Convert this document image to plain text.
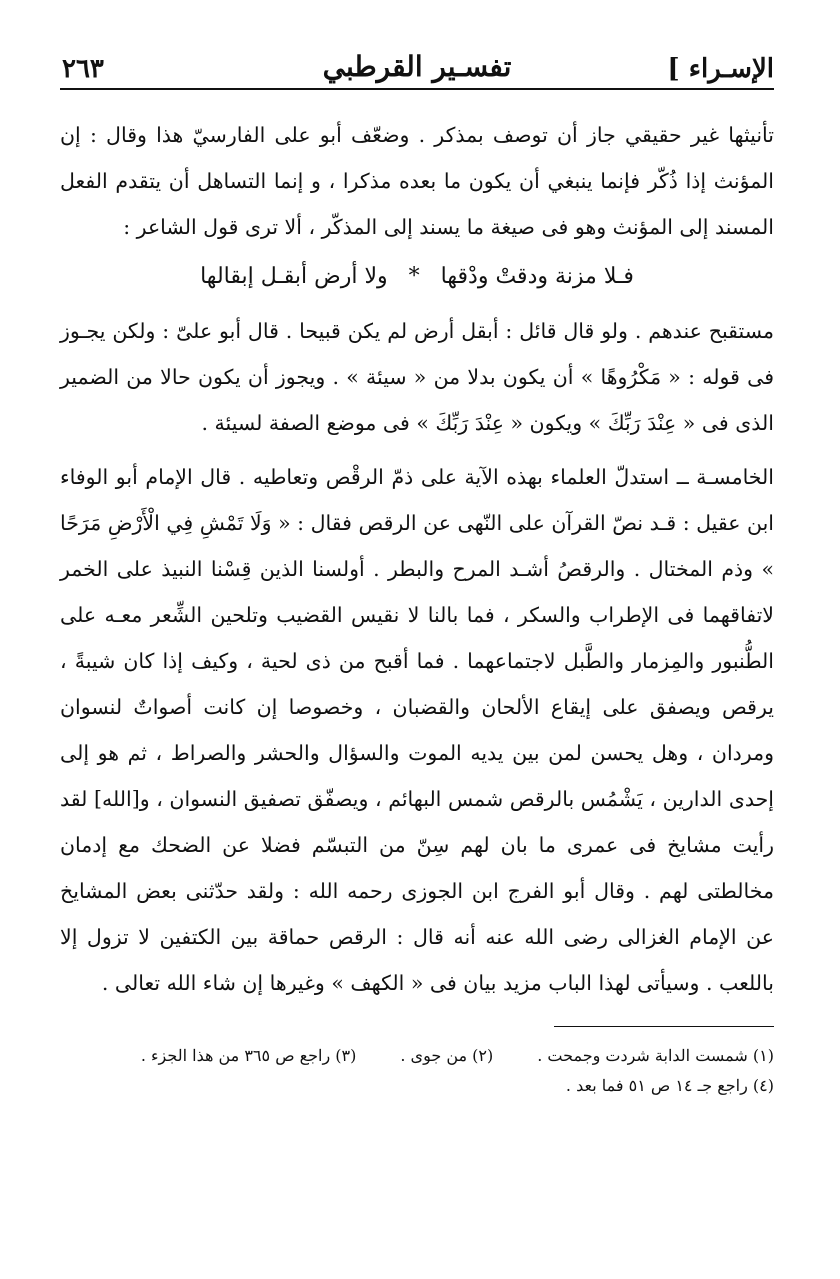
الإسـراء ]
تفسـير القرطبي
٢٦٣

تأنيثها غير حقيقي جاز أن توصف بمذكر . وضعّف أبو على الفارسيّ هذا وقال : إن المؤنث إذا ذُكّر فإنما ينبغي أن يكون ما بعده مذكرا ، و إنما التساهل أن يتقدم الفعل المسند إلى المؤنث وهو فى صيغة ما يسند إلى المذكّر ، ألا ترى قول الشاعر :

فـلا مزنة ودقتْ ودْقها * ولا أرض أبقـل إبقالها

مستقبح عندهم . ولو قال قائل : أبقل أرض لم يكن قبيحا . قال أبو علىّ : ولكن يجـوز فى قوله : « مَكْرُوهًا » أن يكون بدلا من « سيئة » . ويجوز أن يكون حالا من الضمير الذى فى « عِنْدَ رَبِّكَ » ويكون « عِنْدَ رَبِّكَ » فى موضع الصفة لسيئة .

الخامسـة ــ استدلّ العلماء بهذه الآية على ذمّ الرقْص وتعاطيه . قال الإمام أبو الوفاء ابن عقيل : قـد نصّ القرآن على النّهى عن الرقص فقال : « وَلَا تَمْشِ فِي الْأَرْضِ مَرَحًا » وذم المختال . والرقصُ أشـد المرح والبطر . أولسنا الذين قِسْنا النبيذ على الخمر لاتفاقهما فى الإطراب والسكر ، فما بالنا لا نقيس القضيب وتلحين الشِّعر معـه على الطُّنبور والمِزمار والطَّبل لاجتماعهما . فما أقبح من ذى لحية ، وكيف إذا كان شيبةً ، يرقص ويصفق على إيقاع الألحان والقضبان ، وخصوصا إن كانت أصواتٌ لنسوان ومردان ، وهل يحسن لمن بين يديه الموت والسؤال والحشر والصراط ، ثم هو إلى إحدى الدارين ، يَشْمُس بالرقص شمس البهائم ، ويصفّق تصفيق النسوان ، و[الله] لقد رأيت مشايخ فى عمرى ما بان لهم سِنّ من التبسّم فضلا عن الضحك مع إدمان مخالطتى لهم . وقال أبو الفرج ابن الجوزى رحمه الله : ولقد حدّثنى بعض المشايخ عن الإمام الغزالى رضى الله عنه أنه قال : الرقص حماقة بين الكتفين لا تزول إلا باللعب . وسيأتى لهذا الباب مزيد بيان فى « الكهف » وغيرها إن شاء الله تعالى .

(١) شمست الدابة شردت وجمحت .
(٢) من جوى .
(٣) راجع ص ٣٦٥ من هذا الجزء .
(٤) راجع جـ ١٤ ص ٥١ فما بعد .
